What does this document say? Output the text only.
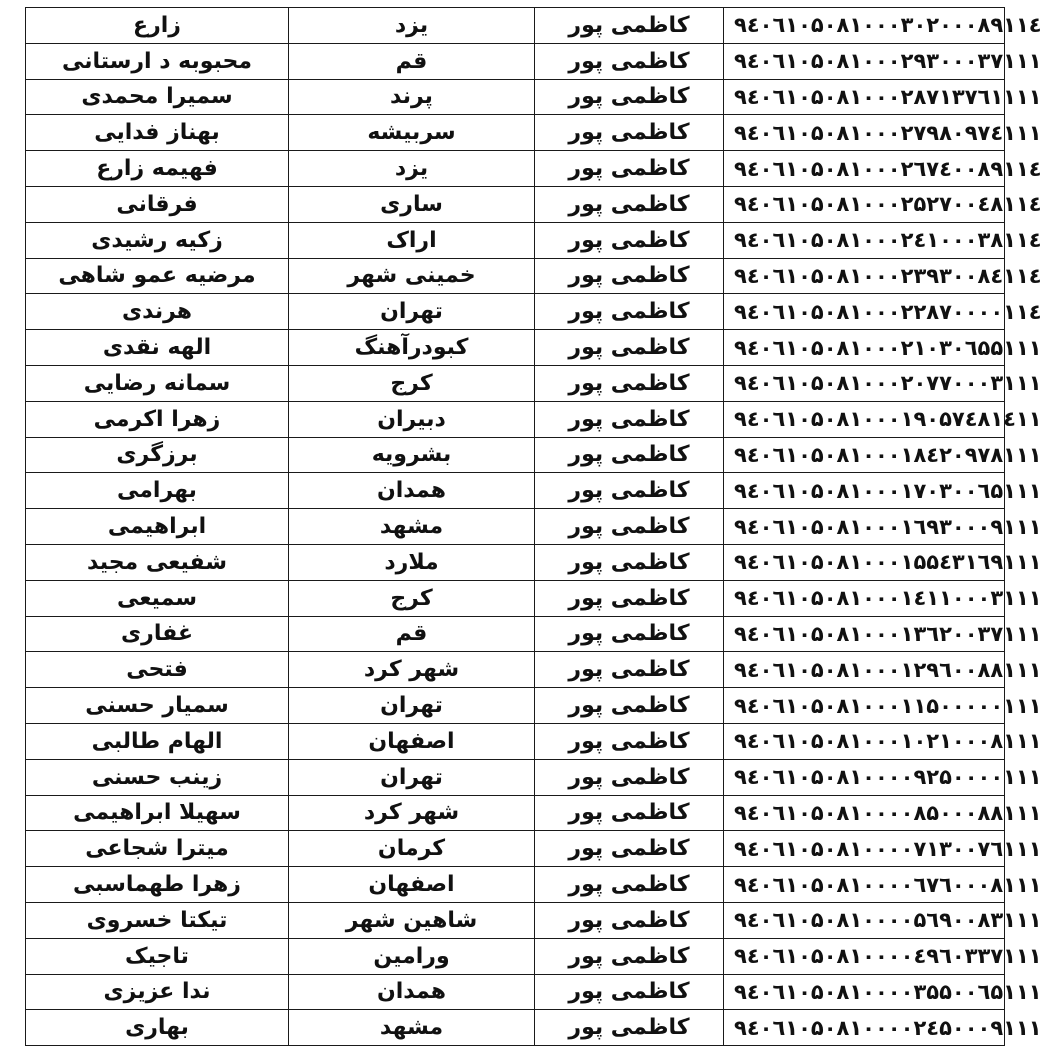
زارع	یزد	کاظمی پور	۹٤۰٦۱۰۵۰۸۱۰۰۰۳۰۲۰۰۰۸۹۱۱٤
محبوبه د ارستانی	قم	کاظمی پور	۹٤۰٦۱۰۵۰۸۱۰۰۰۲۹۳۰۰۰۳۷۱۱۱
سمیرا محمدی	پرند	کاظمی پور	۹٤۰٦۱۰۵۰۸۱۰۰۰۲۸۷۱۳۷٦۱۱۱۱
بهناز فدایی	سربیشه	کاظمی پور	۹٤۰٦۱۰۵۰۸۱۰۰۰۲۷۹۸۰۹۷٤۱۱۱
فهیمه زارع	یزد	کاظمی پور	۹٤۰٦۱۰۵۰۸۱۰۰۰۲٦۷٤۰۰۸۹۱۱٤
فرقانی	ساری	کاظمی پور	۹٤۰٦۱۰۵۰۸۱۰۰۰۲۵۲۷۰۰٤۸۱۱٤
زکیه رشیدی	اراک	کاظمی پور	۹٤۰٦۱۰۵۰۸۱۰۰۰۲٤۱۰۰۰۳۸۱۱٤
مرضیه عمو شاهی	خمینی شهر	کاظمی پور	۹٤۰٦۱۰۵۰۸۱۰۰۰۲۳۹۳۰۰۸٤۱۱٤
هرندی	تهران	کاظمی پور	۹٤۰٦۱۰۵۰۸۱۰۰۰۲۲۸۷۰۰۰۰۱۱٤
الهه نقدی	کبودرآهنگ	کاظمی پور	۹٤۰٦۱۰۵۰۸۱۰۰۰۲۱۰۳۰٦۵۵۱۱۱
سمانه رضایی	کرج	کاظمی پور	۹٤۰٦۱۰۵۰۸۱۰۰۰۲۰۷۷۰۰۰۳۱۱۱
زهرا اکرمی	دبیران	کاظمی پور	۹٤۰٦۱۰۵۰۸۱۰۰۰۱۹۰۵۷٤۸۱٤۱۱
برزگری	بشرویه	کاظمی پور	۹٤۰٦۱۰۵۰۸۱۰۰۰۱۸٤۲۰۹۷۸۱۱۱
بهرامی	همدان	کاظمی پور	۹٤۰٦۱۰۵۰۸۱۰۰۰۱۷۰۳۰۰٦۵۱۱۱
ابراهیمی	مشهد	کاظمی پور	۹٤۰٦۱۰۵۰۸۱۰۰۰۱٦۹۳۰۰۰۹۱۱۱
شفیعی مجید	ملارد	کاظمی پور	۹٤۰٦۱۰۵۰۸۱۰۰۰۱۵۵٤۳۱٦۹۱۱۱
سمیعی	کرج	کاظمی پور	۹٤۰٦۱۰۵۰۸۱۰۰۰۱٤۱۱۰۰۰۳۱۱۱
غفاری	قم	کاظمی پور	۹٤۰٦۱۰۵۰۸۱۰۰۰۱۳٦۲۰۰۳۷۱۱۱
فتحی	شهر کرد	کاظمی پور	۹٤۰٦۱۰۵۰۸۱۰۰۰۱۲۹٦۰۰۸۸۱۱۱
سمیار حسنی	تهران	کاظمی پور	۹٤۰٦۱۰۵۰۸۱۰۰۰۱۱۵۰۰۰۰۰۱۱۱
الهام طالبی	اصفهان	کاظمی پور	۹٤۰٦۱۰۵۰۸۱۰۰۰۱۰۲۱۰۰۰۸۱۱۱
زینب حسنی	تهران	کاظمی پور	۹٤۰٦۱۰۵۰۸۱۰۰۰۰۹۲۵۰۰۰۰۱۱۱
سهیلا ابراهیمی	شهر کرد	کاظمی پور	۹٤۰٦۱۰۵۰۸۱۰۰۰۰۸۵۰۰۰۸۸۱۱۱
میترا شجاعی	کرمان	کاظمی پور	۹٤۰٦۱۰۵۰۸۱۰۰۰۰۷۱۳۰۰۷٦۱۱۱
زهرا طهماسبی	اصفهان	کاظمی پور	۹٤۰٦۱۰۵۰۸۱۰۰۰۰٦۷٦۰۰۰۸۱۱۱
تیکتا خسروی	شاهین شهر	کاظمی پور	۹٤۰٦۱۰۵۰۸۱۰۰۰۰۵٦۹۰۰۸۳۱۱۱
تاجیک	ورامین	کاظمی پور	۹٤۰٦۱۰۵۰۸۱۰۰۰۰٤۹٦۰۳۳۷۱۱۱
ندا عزیزی	همدان	کاظمی پور	۹٤۰٦۱۰۵۰۸۱۰۰۰۰۳۵۵۰۰٦۵۱۱۱
بهاری	مشهد	کاظمی پور	۹٤۰٦۱۰۵۰۸۱۰۰۰۰۲٤۵۰۰۰۹۱۱۱
